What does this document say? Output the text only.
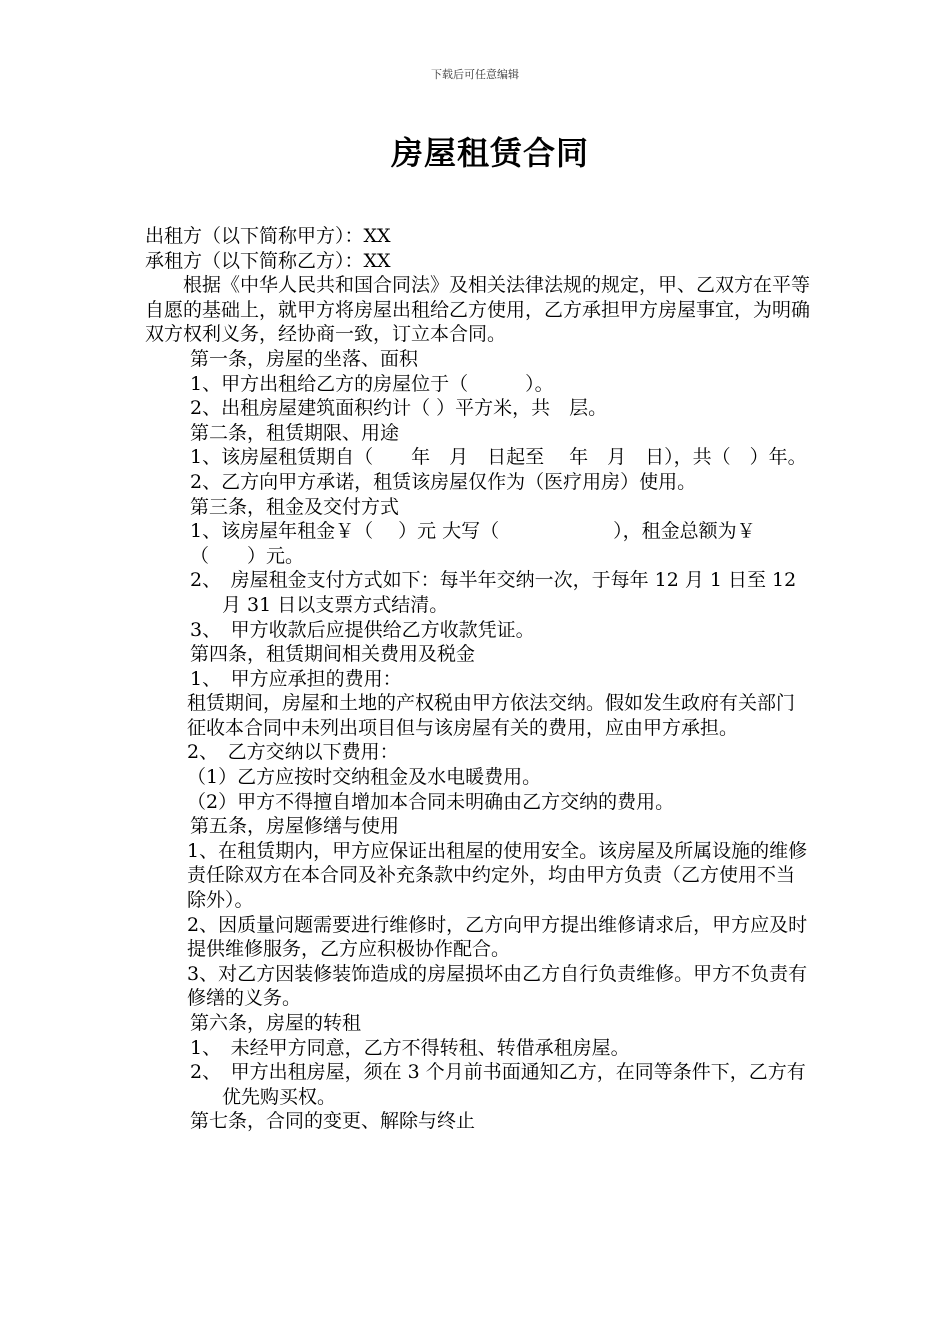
下载后可任意编辑
房屋租赁合同

出租方（以下简称甲方）：XX

承租方（以下简称乙方）：XX

根据《中华人民共和国合同法》及相关法律法规的规定，甲、乙双方在平等自愿的基础上，就甲方将房屋出租给乙方使用，乙方承担甲方房屋事宜，为明确双方权利义务，经协商一致，订立本合同。

第一条，房屋的坐落、面积

1、甲方出租给乙方的房屋位于（　　　）。

2、出租房屋建筑面积约计（ ）平方米，共　层。

第二条，租赁期限、用途

1、该房屋租赁期自（　　年　月　日起至　 年　月　日），共（　）年。

2、乙方向甲方承诺，租赁该房屋仅作为（医疗用房）使用。

第三条，租金及交付方式

1、该房屋年租金￥（　 ）元 大写（　　　　　　），租金总额为￥（　　）元。

2、　房屋租金支付方式如下：每半年交纳一次，于每年 12 月 1 日至 12 月 31 日以支票方式结清。

3、　甲方收款后应提供给乙方收款凭证。

第四条，租赁期间相关费用及税金

1、　甲方应承担的费用：

租赁期间，房屋和土地的产权税由甲方依法交纳。假如发生政府有关部门征收本合同中未列出项目但与该房屋有关的费用，应由甲方承担。

2、　乙方交纳以下费用：

（1）乙方应按时交纳租金及水电暖费用。

（2）甲方不得擅自增加本合同未明确由乙方交纳的费用。

第五条，房屋修缮与使用

1、在租赁期内，甲方应保证出租屋的使用安全。该房屋及所属设施的维修责任除双方在本合同及补充条款中约定外，均由甲方负责（乙方使用不当除外）。

2、因质量问题需要进行维修时，乙方向甲方提出维修请求后，甲方应及时提供维修服务，乙方应积极协作配合。

3、对乙方因装修装饰造成的房屋损坏由乙方自行负责维修。甲方不负责有修缮的义务。

第六条，房屋的转租

1、　未经甲方同意，乙方不得转租、转借承租房屋。

2、　甲方出租房屋，须在 3 个月前书面通知乙方，在同等条件下，乙方有优先购买权。

第七条，合同的变更、解除与终止
